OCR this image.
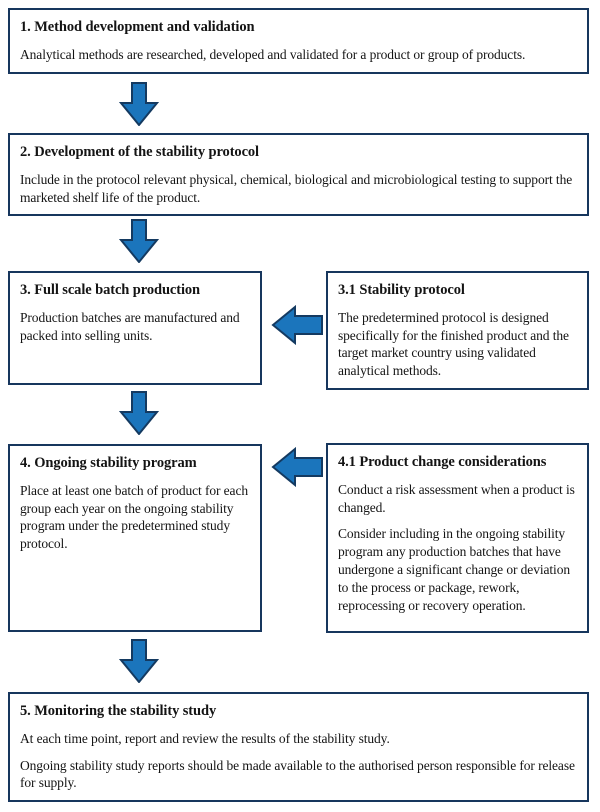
1. Method development and validation

Analytical methods are researched, developed and validated for a product or group of products.

2. Development of the stability protocol

Include in the protocol relevant physical, chemical, biological and microbiological testing to support the marketed shelf life of the product.

3. Full scale batch production

Production batches are manufactured and packed into selling units.

3.1 Stability protocol

The predetermined protocol is designed specifically for the finished product and the target market country using validated analytical methods.

4. Ongoing stability program

Place at least one batch of product for each group each year on the ongoing stability program under the predetermined study protocol.

4.1 Product change considerations

Conduct a risk assessment when a product is changed.

Consider including in the ongoing stability program any production batches that have undergone a significant change or deviation to the process or package, rework, reprocessing or recovery operation.

5. Monitoring the stability study

At each time point, report and review the results of the stability study.

Ongoing stability study reports should be made available to the authorised person responsible for release for supply.
